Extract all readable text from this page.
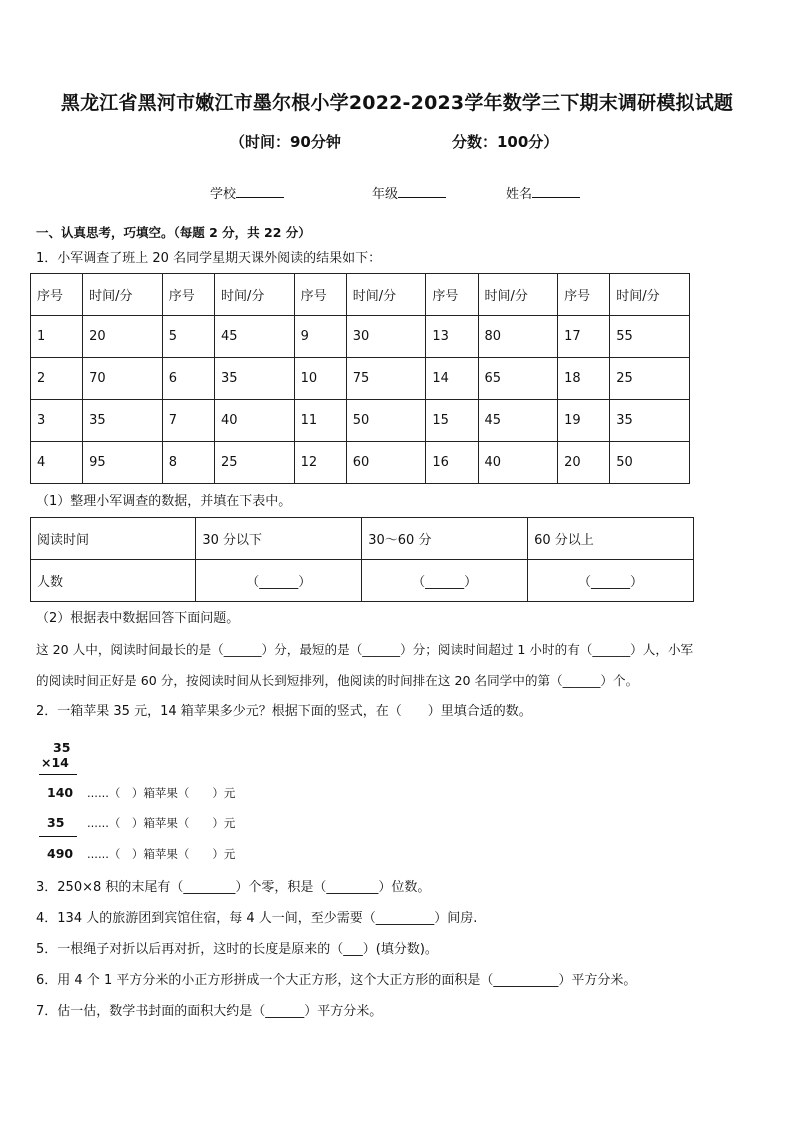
黑龙江省黑河市嫩江市墨尔根小学2022-2023学年数学三下期末调研模拟试题
（时间：90分钟	分数：100分）
学校	年级	姓名
一、认真思考，巧填空。（每题 2 分，共 22 分）
1．小军调查了班上 20 名同学星期天课外阅读的结果如下：
序号	时间/分	序号	时间/分	序号	时间/分	序号	时间/分	序号	时间/分
1	20	5	45	9	30	13	80	17	55
2	70	6	35	10	75	14	65	18	25
3	35	7	40	11	50	15	45	19	35
4	95	8	25	12	60	16	40	20	50
（1）整理小军调查的数据，并填在下表中。
阅读时间	30 分以下	30～60 分	60 分以上
人数	（______）	（______）	（______）
（2）根据表中数据回答下面问题。
这 20 人中，阅读时间最长的是（______）分，最短的是（______）分；阅读时间超过 1 小时的有（______）人，小军
的阅读时间正好是 60 分，按阅读时间从长到短排列，他阅读的时间排在这 20 名同学中的第（______）个。
2．一箱苹果 35 元，14 箱苹果多少元？根据下面的竖式，在（　　）里填合适的数。
35
×14
140 ......（　）箱苹果（　　）元
35 ......（　）箱苹果（　　）元
490 ......（　）箱苹果（　　）元
3．250×8 积的末尾有（________）个零，积是（________）位数。
4．134 人的旅游团到宾馆住宿，每 4 人一间，至少需要（_________）间房.
5．一根绳子对折以后再对折，这时的长度是原来的（___）(填分数)。
6．用 4 个 1 平方分米的小正方形拼成一个大正方形，这个大正方形的面积是（__________）平方分米。
7．估一估，数学书封面的面积大约是（______）平方分米。
